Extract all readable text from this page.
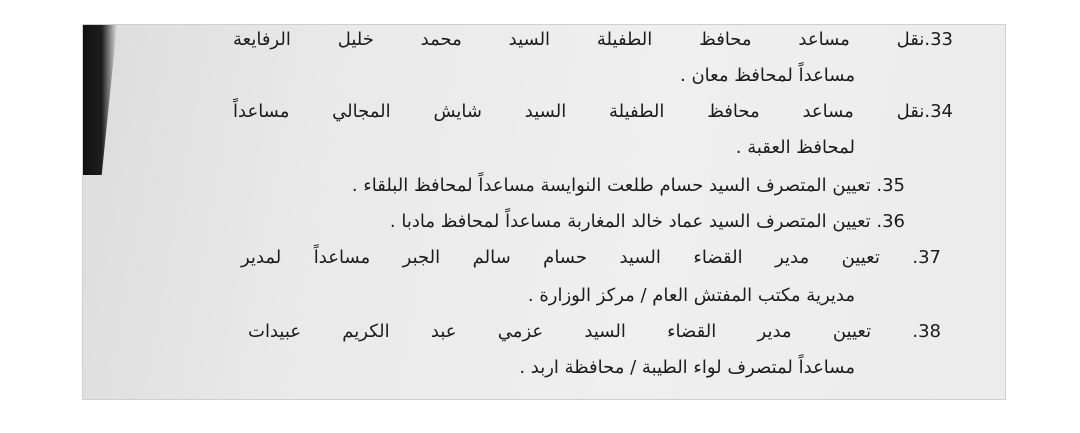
33.نقل مساعد محافظ الطفيلة السيد محمد خليل الرفايعة
مساعداً لمحافظ معان .
34.نقل مساعد محافظ الطفيلة السيد شايش المجالي مساعداً
لمحافظ العقبة .
35. تعيين المتصرف السيد حسام طلعت النوايسة مساعداً لمحافظ البلقاء .
36. تعيين المتصرف السيد عماد خالد المغاربة مساعداً لمحافظ مادبا .
37. تعيين مدير القضاء السيد حسام سالم الجبر مساعداً لمدير
مديرية مكتب المفتش العام / مركز الوزارة .
38. تعيين مدير القضاء السيد عزمي عبد الكريم عبيدات
مساعداً لمتصرف لواء الطيبة / محافظة اربد .
